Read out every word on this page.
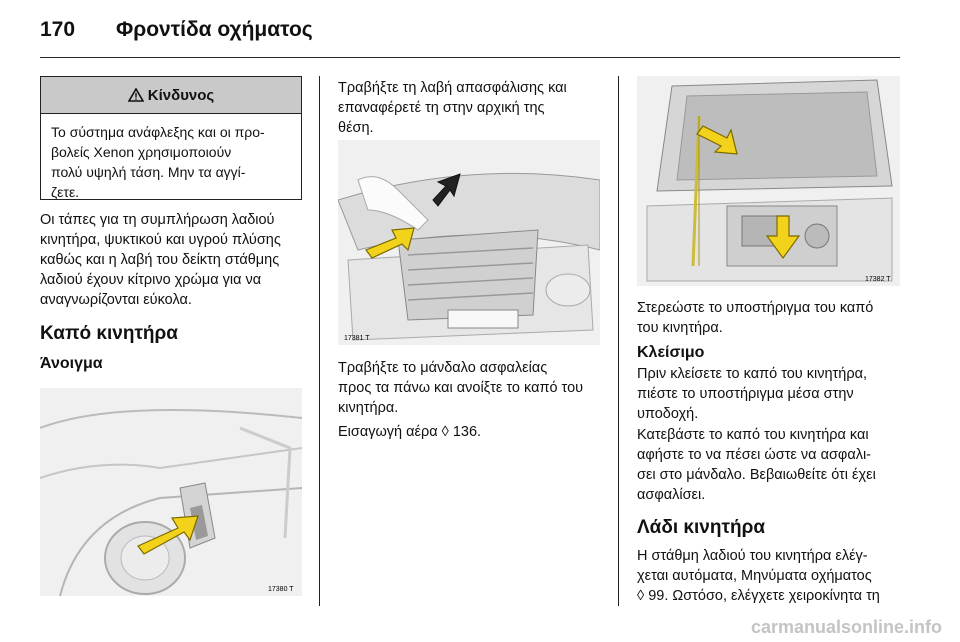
170 Φροντίδα οχήματος
Κίνδυνος
Το σύστημα ανάφλεξης και οι προ-
βολείς Xenon χρησιμοποιούν
πολύ υψηλή τάση. Μην τα αγγί-
ζετε.

Οι τάπες για τη συμπλήρωση λαδιού

κινητήρα, ψυκτικού και υγρού πλύσης

καθώς και η λαβή του δείκτη στάθμης

λαδιού έχουν κίτρινο χρώμα για να

αναγνωρίζονται εύκολα.

Καπό κινητήρα
Άνοιγμα
17380 T

Τραβήξτε τη λαβή απασφάλισης και

επαναφέρετέ τη στην αρχική της

θέση.

17381 T

Τραβήξτε το μάνδαλο ασφαλείας

προς τα πάνω και ανοίξτε το καπό του

κινητήρα.

Εισαγωγή αέρα ◊ 136.

17382 T

Στερεώστε το υποστήριγμα του καπό

του κινητήρα.

Κλείσιμο

Πριν κλείσετε το καπό του κινητήρα,

πιέστε το υποστήριγμα μέσα στην

υποδοχή.

Κατεβάστε το καπό του κινητήρα και

αφήστε το να πέσει ώστε να ασφαλι-

σει στο μάνδαλο. Βεβαιωθείτε ότι έχει

ασφαλίσει.

Λάδι κινητήρα

Η στάθμη λαδιού του κινητήρα ελέγ-

χεται αυτόματα, Μηνύματα οχήματος

◊ 99. Ωστόσο, ελέγχετε χειροκίνητα τη

carmanualsonline.info
